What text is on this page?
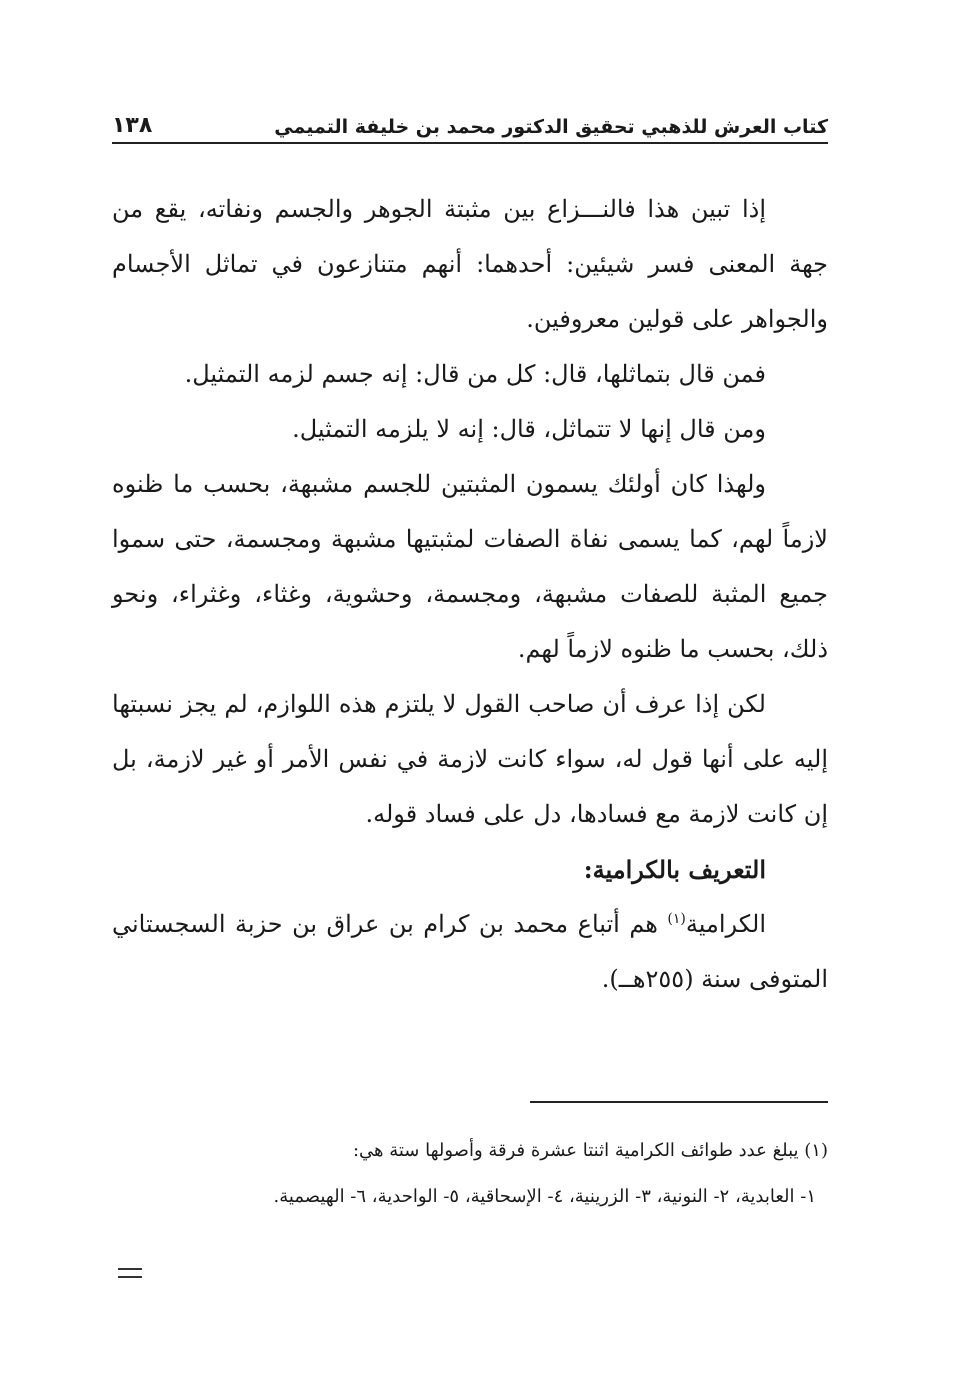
كتاب العرش للذهبي تحقيق الدكتور محمد بن خليفة التميمي
١٣٨

إذا تبين هذا فالنـــزاع بين مثبتة الجوهر والجسم ونفاته، يقع من جهة المعنى فسر شيئين: أحدهما: أنهم متنازعون في تماثل الأجسام والجواهر على قولين معروفين.

فمن قال بتماثلها، قال: كل من قال: إنه جسم لزمه التمثيل.

ومن قال إنها لا تتماثل، قال: إنه لا يلزمه التمثيل.

ولهذا كان أولئك يسمون المثبتين للجسم مشبهة، بحسب ما ظنوه لازماً لهم، كما يسمى نفاة الصفات لمثبتيها مشبهة ومجسمة، حتى سموا جميع المثبة للصفات مشبهة، ومجسمة، وحشوية، وغثاء، وغثراء، ونحو ذلك، بحسب ما ظنوه لازماً لهم.

لكن إذا عرف أن صاحب القول لا يلتزم هذه اللوازم، لم يجز نسبتها إليه على أنها قول له، سواء كانت لازمة في نفس الأمر أو غير لازمة، بل إن كانت لازمة مع فسادها، دل على فساد قوله.

التعريف بالكرامية:

الكرامية$^{(١)}$ هم أتباع محمد بن كرام بن عراق بن حزبة السجستاني المتوفى سنة (٢٥٥هــ).

(١) يبلغ عدد طوائف الكرامية اثنتا عشرة فرقة وأصولها ستة هي:

١- العابدية، ٢- النونية، ٣- الزرينية، ٤- الإسحاقية، ٥- الواحدية، ٦- الهيصمية.
